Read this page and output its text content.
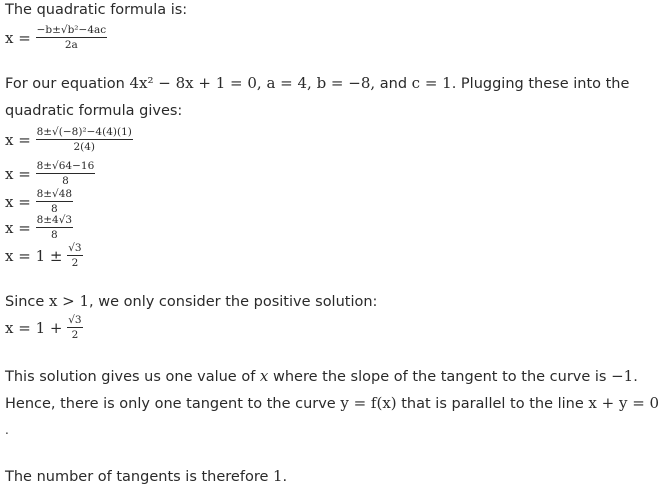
The quadratic formula is:
$x = \frac{\text{−b±√b²−4ac}}{2a}$
For our equation 4x² − 8x + 1 = 0, a = 4, b = −8, and c = 1. Plugging these into the
quadratic formula gives:
$x = \frac{\text{8±√(−8)²−4(4)(1)}}{2(4)}$
$x = \frac{8\pm√64-16}{8}$
$x = \frac{8\pm√48}{8}$
$x = \frac{8\pm 4√3}{8}$
$x = 1 \pm \frac{√3}{2}$
Since x > 1, we only consider the positive solution:
$x = 1 + \frac{√3}{2}$
This solution gives us one value of x where the slope of the tangent to the curve is −1.
Hence, there is only one tangent to the curve y = f(x) that is parallel to the line x + y = 0
.
The number of tangents is therefore 1.
